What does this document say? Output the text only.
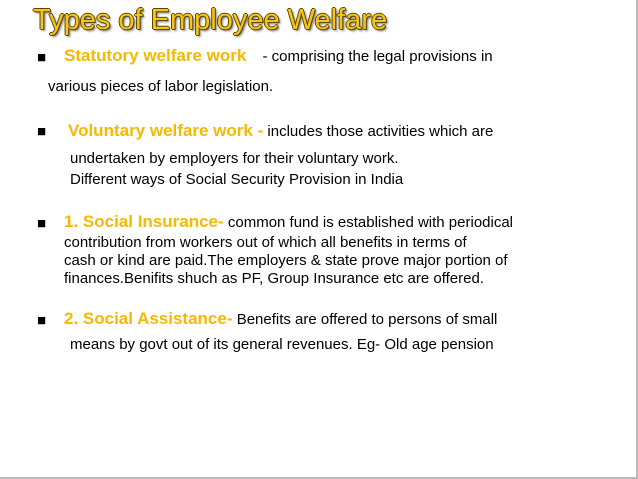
Types of Employee Welfare
■ Statutory welfare work - comprising the legal provisions in
various pieces of labor legislation.
■ Voluntary welfare work - includes those activities which are
undertaken by employers for their voluntary work.
Different ways of Social Security Provision in India
■ 1. Social Insurance- common fund is established with periodical
contribution from workers out of which all benefits in terms of
cash or kind are paid.The employers & state prove major portion of
finances.Benifits shuch as PF, Group Insurance etc are offered.
■ 2. Social Assistance- Benefits are offered to persons of small
means by govt out of its general revenues. Eg- Old age pension
